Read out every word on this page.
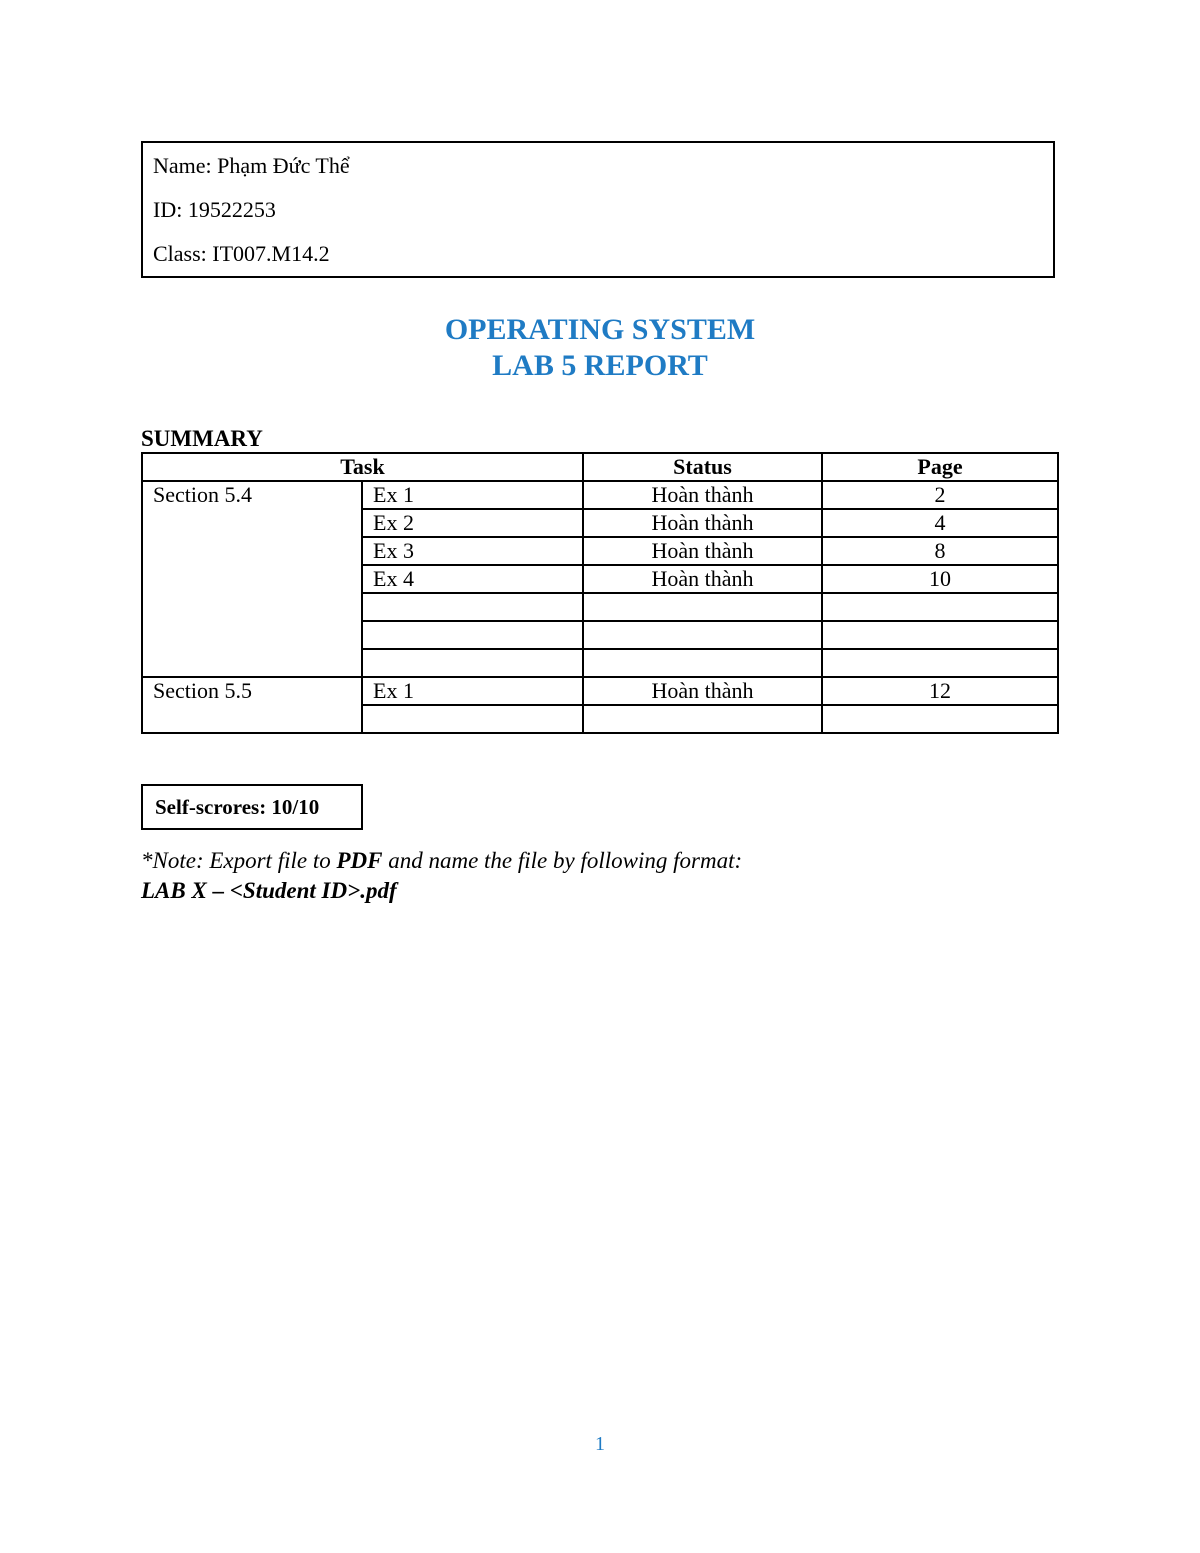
Name: Phạm Đức Thể
ID: 19522253
Class: IT007.M14.2
OPERATING SYSTEM
LAB 5 REPORT
SUMMARY
Task		Status	Page
Section 5.4	Ex 1	Hoàn thành	2
	Ex 2	Hoàn thành	4
	Ex 3	Hoàn thành	8
	Ex 4	Hoàn thành	10

Section 5.5	Ex 1	Hoàn thành	12

Self-scrores: 10/10
*Note: Export file to PDF and name the file by following format:
LAB X – <Student ID>.pdf
1
